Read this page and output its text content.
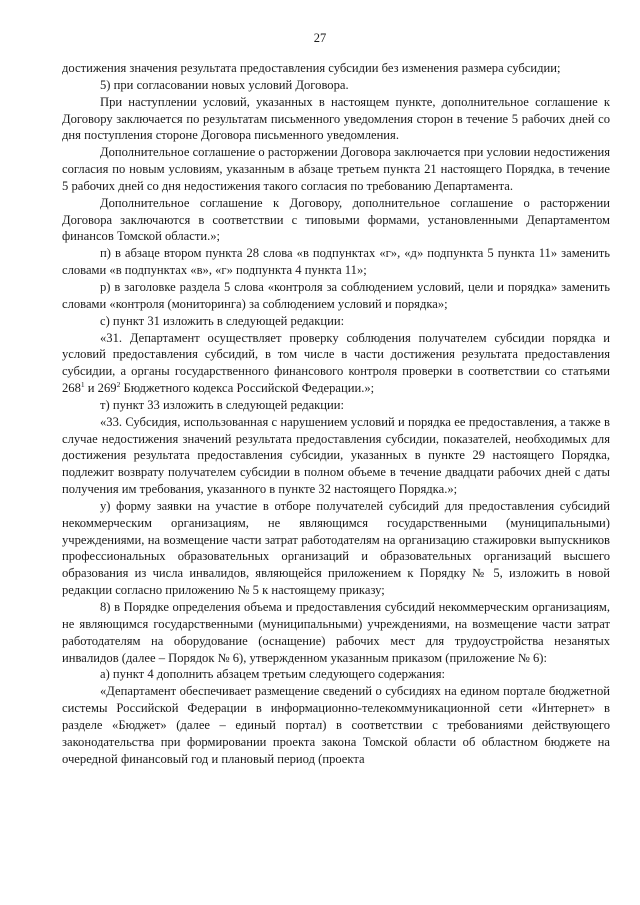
27

достижения значения результата предоставления субсидии без изменения размера субсидии;

5) при согласовании новых условий Договора.

При наступлении условий, указанных в настоящем пункте, дополнительное соглашение к Договору заключается по результатам письменного уведомления сторон в течение 5 рабочих дней со дня поступления стороне Договора письменного уведомления.

Дополнительное соглашение о расторжении Договора заключается при условии недостижения согласия по новым условиям, указанным в абзаце третьем пункта 21 настоящего Порядка, в течение 5 рабочих дней со дня недостижения такого согласия по требованию Департамента.

Дополнительное соглашение к Договору, дополнительное соглашение о расторжении Договора заключаются в соответствии с типовыми формами, установленными Департаментом финансов Томской области.»;

п) в абзаце втором пункта 28 слова «в подпунктах «г», «д» подпункта 5 пункта 11» заменить словами «в подпунктах «в», «г» подпункта 4 пункта 11»;

р) в заголовке раздела 5 слова «контроля за соблюдением условий, цели и порядка» заменить словами «контроля (мониторинга) за соблюдением условий и порядка»;

с) пункт 31 изложить в следующей редакции:

«31. Департамент осуществляет проверку соблюдения получателем субсидии порядка и условий предоставления субсидий, в том числе в части достижения результата предоставления субсидии, а органы государственного финансового контроля проверки в соответствии со статьями $268^1$ и $269^2$ Бюджетного кодекса Российской Федерации.»;

т) пункт 33 изложить в следующей редакции:

«33. Субсидия, использованная с нарушением условий и порядка ее предоставления, а также в случае недостижения значений результата предоставления субсидии, показателей, необходимых для достижения результата предоставления субсидии, указанных в пункте 29 настоящего Порядка, подлежит возврату получателем субсидии в полном объеме в течение двадцати рабочих дней с даты получения им требования, указанного в пункте 32 настоящего Порядка.»;

у) форму заявки на участие в отборе получателей субсидий для предоставления субсидий некоммерческим организациям, не являющимся государственными (муниципальными) учреждениями, на возмещение части затрат работодателям на организацию стажировки выпускников профессиональных образовательных организаций и образовательных организаций высшего образования из числа инвалидов, являющейся приложением к Порядку № 5, изложить в новой редакции согласно приложению № 5 к настоящему приказу;

8) в Порядке определения объема и предоставления субсидий некоммерческим организациям, не являющимся государственными (муниципальными) учреждениями, на возмещение части затрат работодателям на оборудование (оснащение) рабочих мест для трудоустройства незанятых инвалидов (далее – Порядок № 6), утвержденном указанным приказом (приложение № 6):

а) пункт 4 дополнить абзацем третьим следующего содержания:

«Департамент обеспечивает размещение сведений о субсидиях на едином портале бюджетной системы Российской Федерации в информационно-телекоммуникационной сети «Интернет» в разделе «Бюджет» (далее – единый портал) в соответствии с требованиями действующего законодательства при формировании проекта закона Томской области об областном бюджете на очередной финансовый год и плановый период (проекта
